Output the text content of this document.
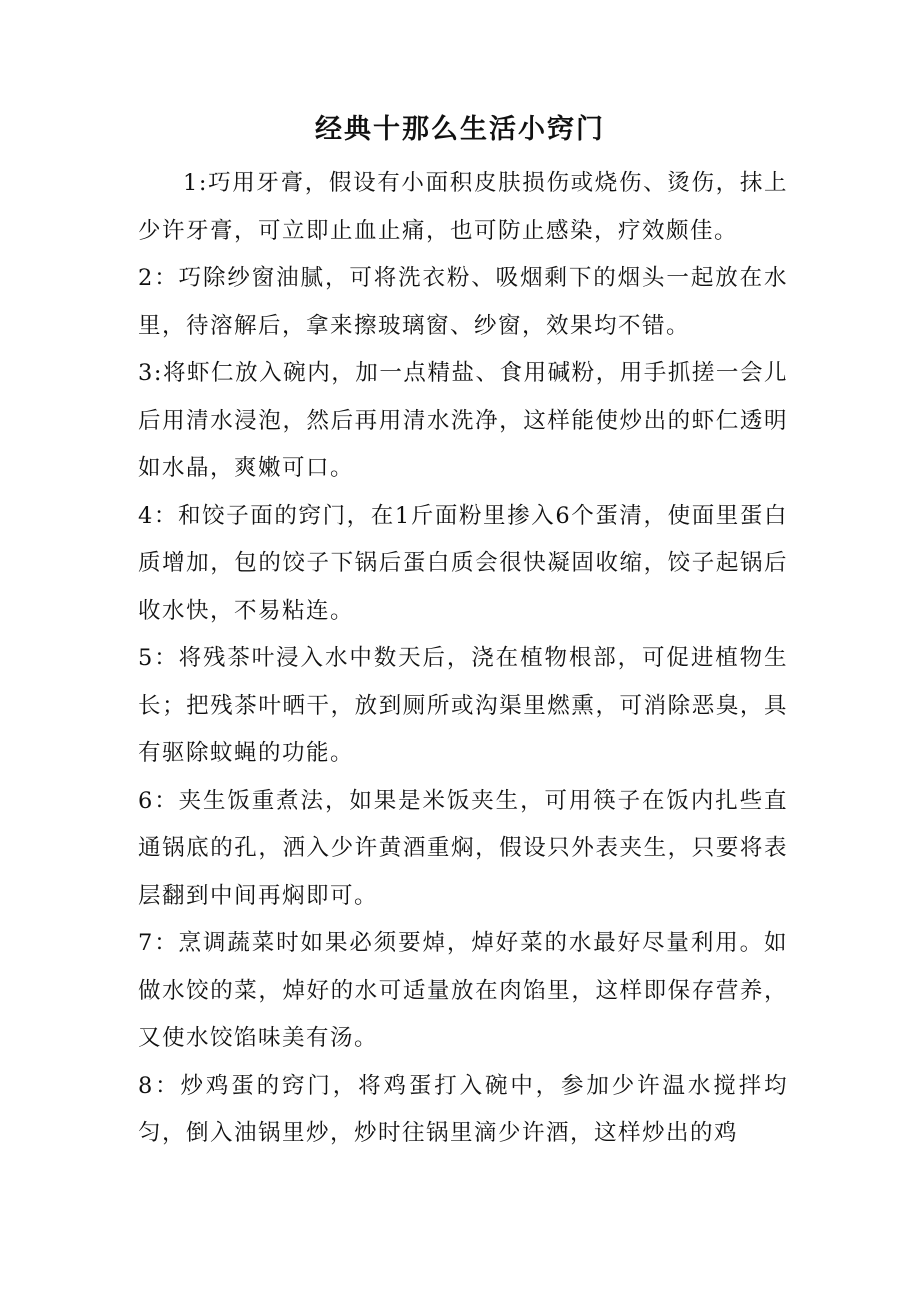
经典十那么生活小窍门

1:巧用牙膏，假设有小面积皮肤损伤或烧伤、烫伤，抹上少许牙膏，可立即止血止痛，也可防止感染，疗效颇佳。

2：巧除纱窗油腻，可将洗衣粉、吸烟剩下的烟头一起放在水里，待溶解后，拿来擦玻璃窗、纱窗，效果均不错。

3:将虾仁放入碗内，加一点精盐、食用碱粉，用手抓搓一会儿后用清水浸泡，然后再用清水洗净，这样能使炒出的虾仁透明如水晶，爽嫩可口。

4：和饺子面的窍门，在1斤面粉里掺入6个蛋清，使面里蛋白质增加，包的饺子下锅后蛋白质会很快凝固收缩，饺子起锅后收水快，不易粘连。

5：将残茶叶浸入水中数天后，浇在植物根部，可促进植物生长；把残茶叶晒干，放到厕所或沟渠里燃熏，可消除恶臭，具有驱除蚊蝇的功能。

6：夹生饭重煮法，如果是米饭夹生，可用筷子在饭内扎些直通锅底的孔，洒入少许黄酒重焖，假设只外表夹生，只要将表层翻到中间再焖即可。

7：烹调蔬菜时如果必须要焯，焯好菜的水最好尽量利用。如做水饺的菜，焯好的水可适量放在肉馅里，这样即保存营养，又使水饺馅味美有汤。

8：炒鸡蛋的窍门，将鸡蛋打入碗中，参加少许温水搅拌均匀，倒入油锅里炒，炒时往锅里滴少许酒，这样炒出的鸡
